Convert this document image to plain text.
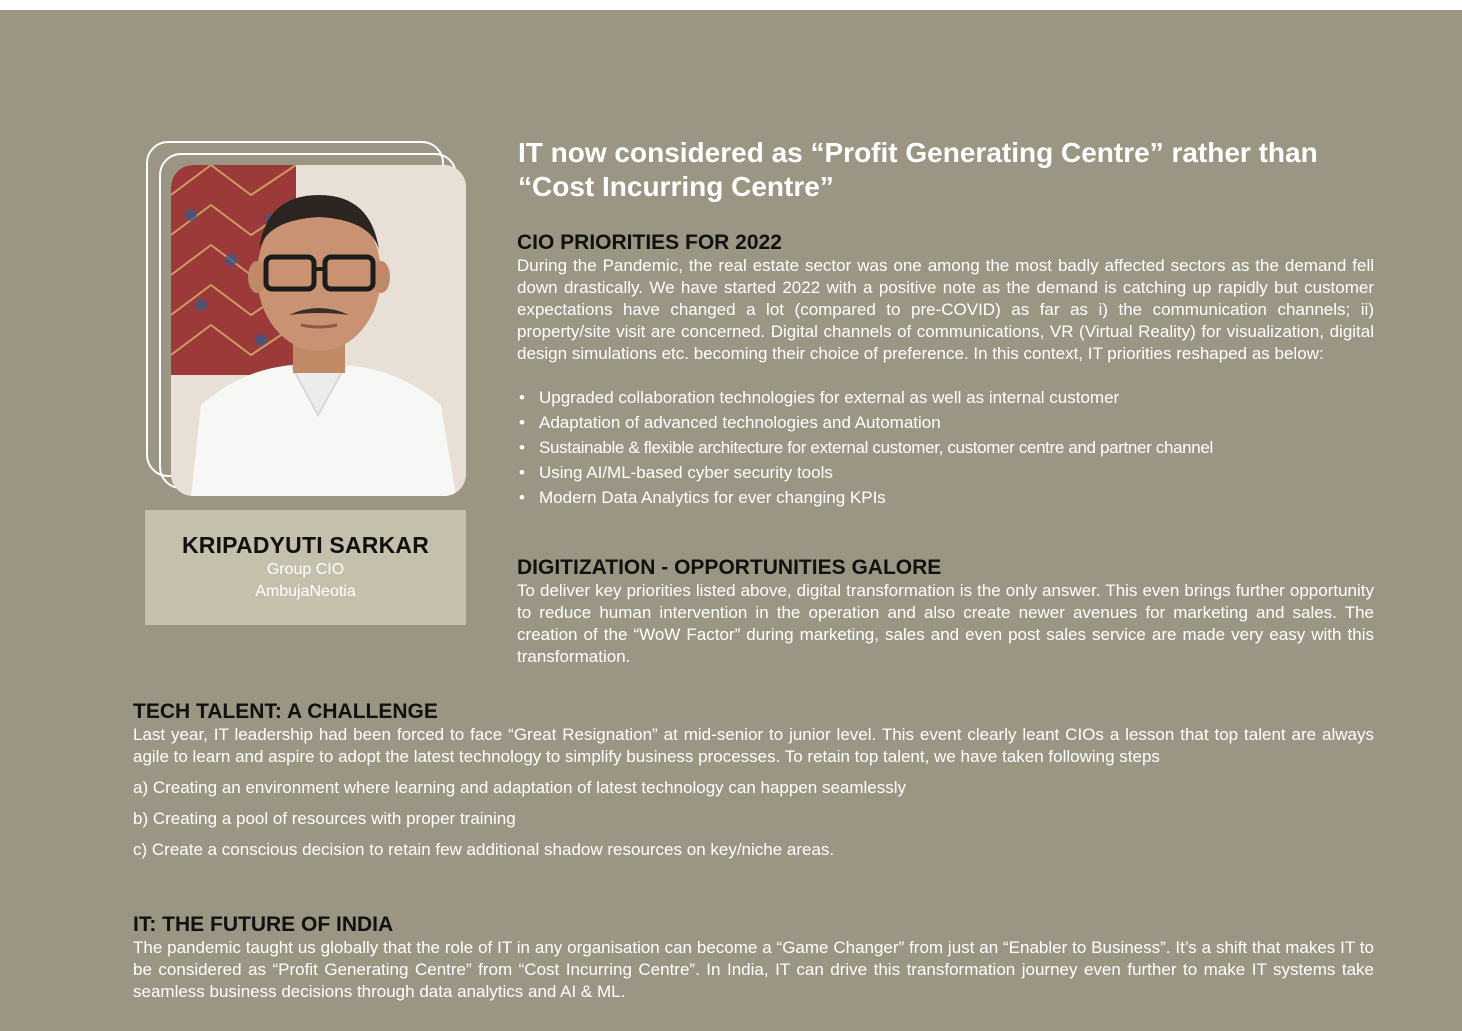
KRIPADYUTI SARKAR
Group CIO
AmbujaNeotia
IT now considered as “Profit Generating Centre” rather than “Cost Incurring Centre”
CIO PRIORITIES FOR 2022

During the Pandemic, the real estate sector was one among the most badly affected sectors as the demand fell down drastically. We have started 2022 with a positive note as the demand is catching up rapidly but customer expectations have changed a lot (compared to pre-COVID) as far as i) the communication channels; ii) property/site visit are concerned. Digital channels of communications, VR (Virtual Reality) for visualization, digital design simulations etc. becoming their choice of preference. In this context, IT priorities reshaped as below:

• Upgraded collaboration technologies for external as well as internal customer
• Adaptation of advanced technologies and Automation
• Sustainable & flexible architecture for external customer, customer centre and partner channel
• Using AI/ML-based cyber security tools
• Modern Data Analytics for ever changing KPIs
DIGITIZATION - OPPORTUNITIES GALORE

To deliver key priorities listed above, digital transformation is the only answer. This even brings further opportunity to reduce human intervention in the operation and also create newer avenues for marketing and sales. The creation of the “WoW Factor” during marketing, sales and even post sales service are made very easy with this transformation.

TECH TALENT: A CHALLENGE

Last year, IT leadership had been forced to face “Great Resignation” at mid-senior to junior level. This event clearly leant CIOs a lesson that top talent are always agile to learn and aspire to adopt the latest technology to simplify business processes. To retain top talent, we have taken following steps

a) Creating an environment where learning and adaptation of latest technology can happen seamlessly

b) Creating a pool of resources with proper training

c) Create a conscious decision to retain few additional shadow resources on key/niche areas.

IT: THE FUTURE OF INDIA

The pandemic taught us globally that the role of IT in any organisation can become a “Game Changer” from just an “Enabler to Business”. It’s a shift that makes IT to be considered as “Profit Generating Centre” from “Cost Incurring Centre”. In India, IT can drive this transformation journey even further to make IT systems take seamless business decisions through data analytics and AI & ML.
